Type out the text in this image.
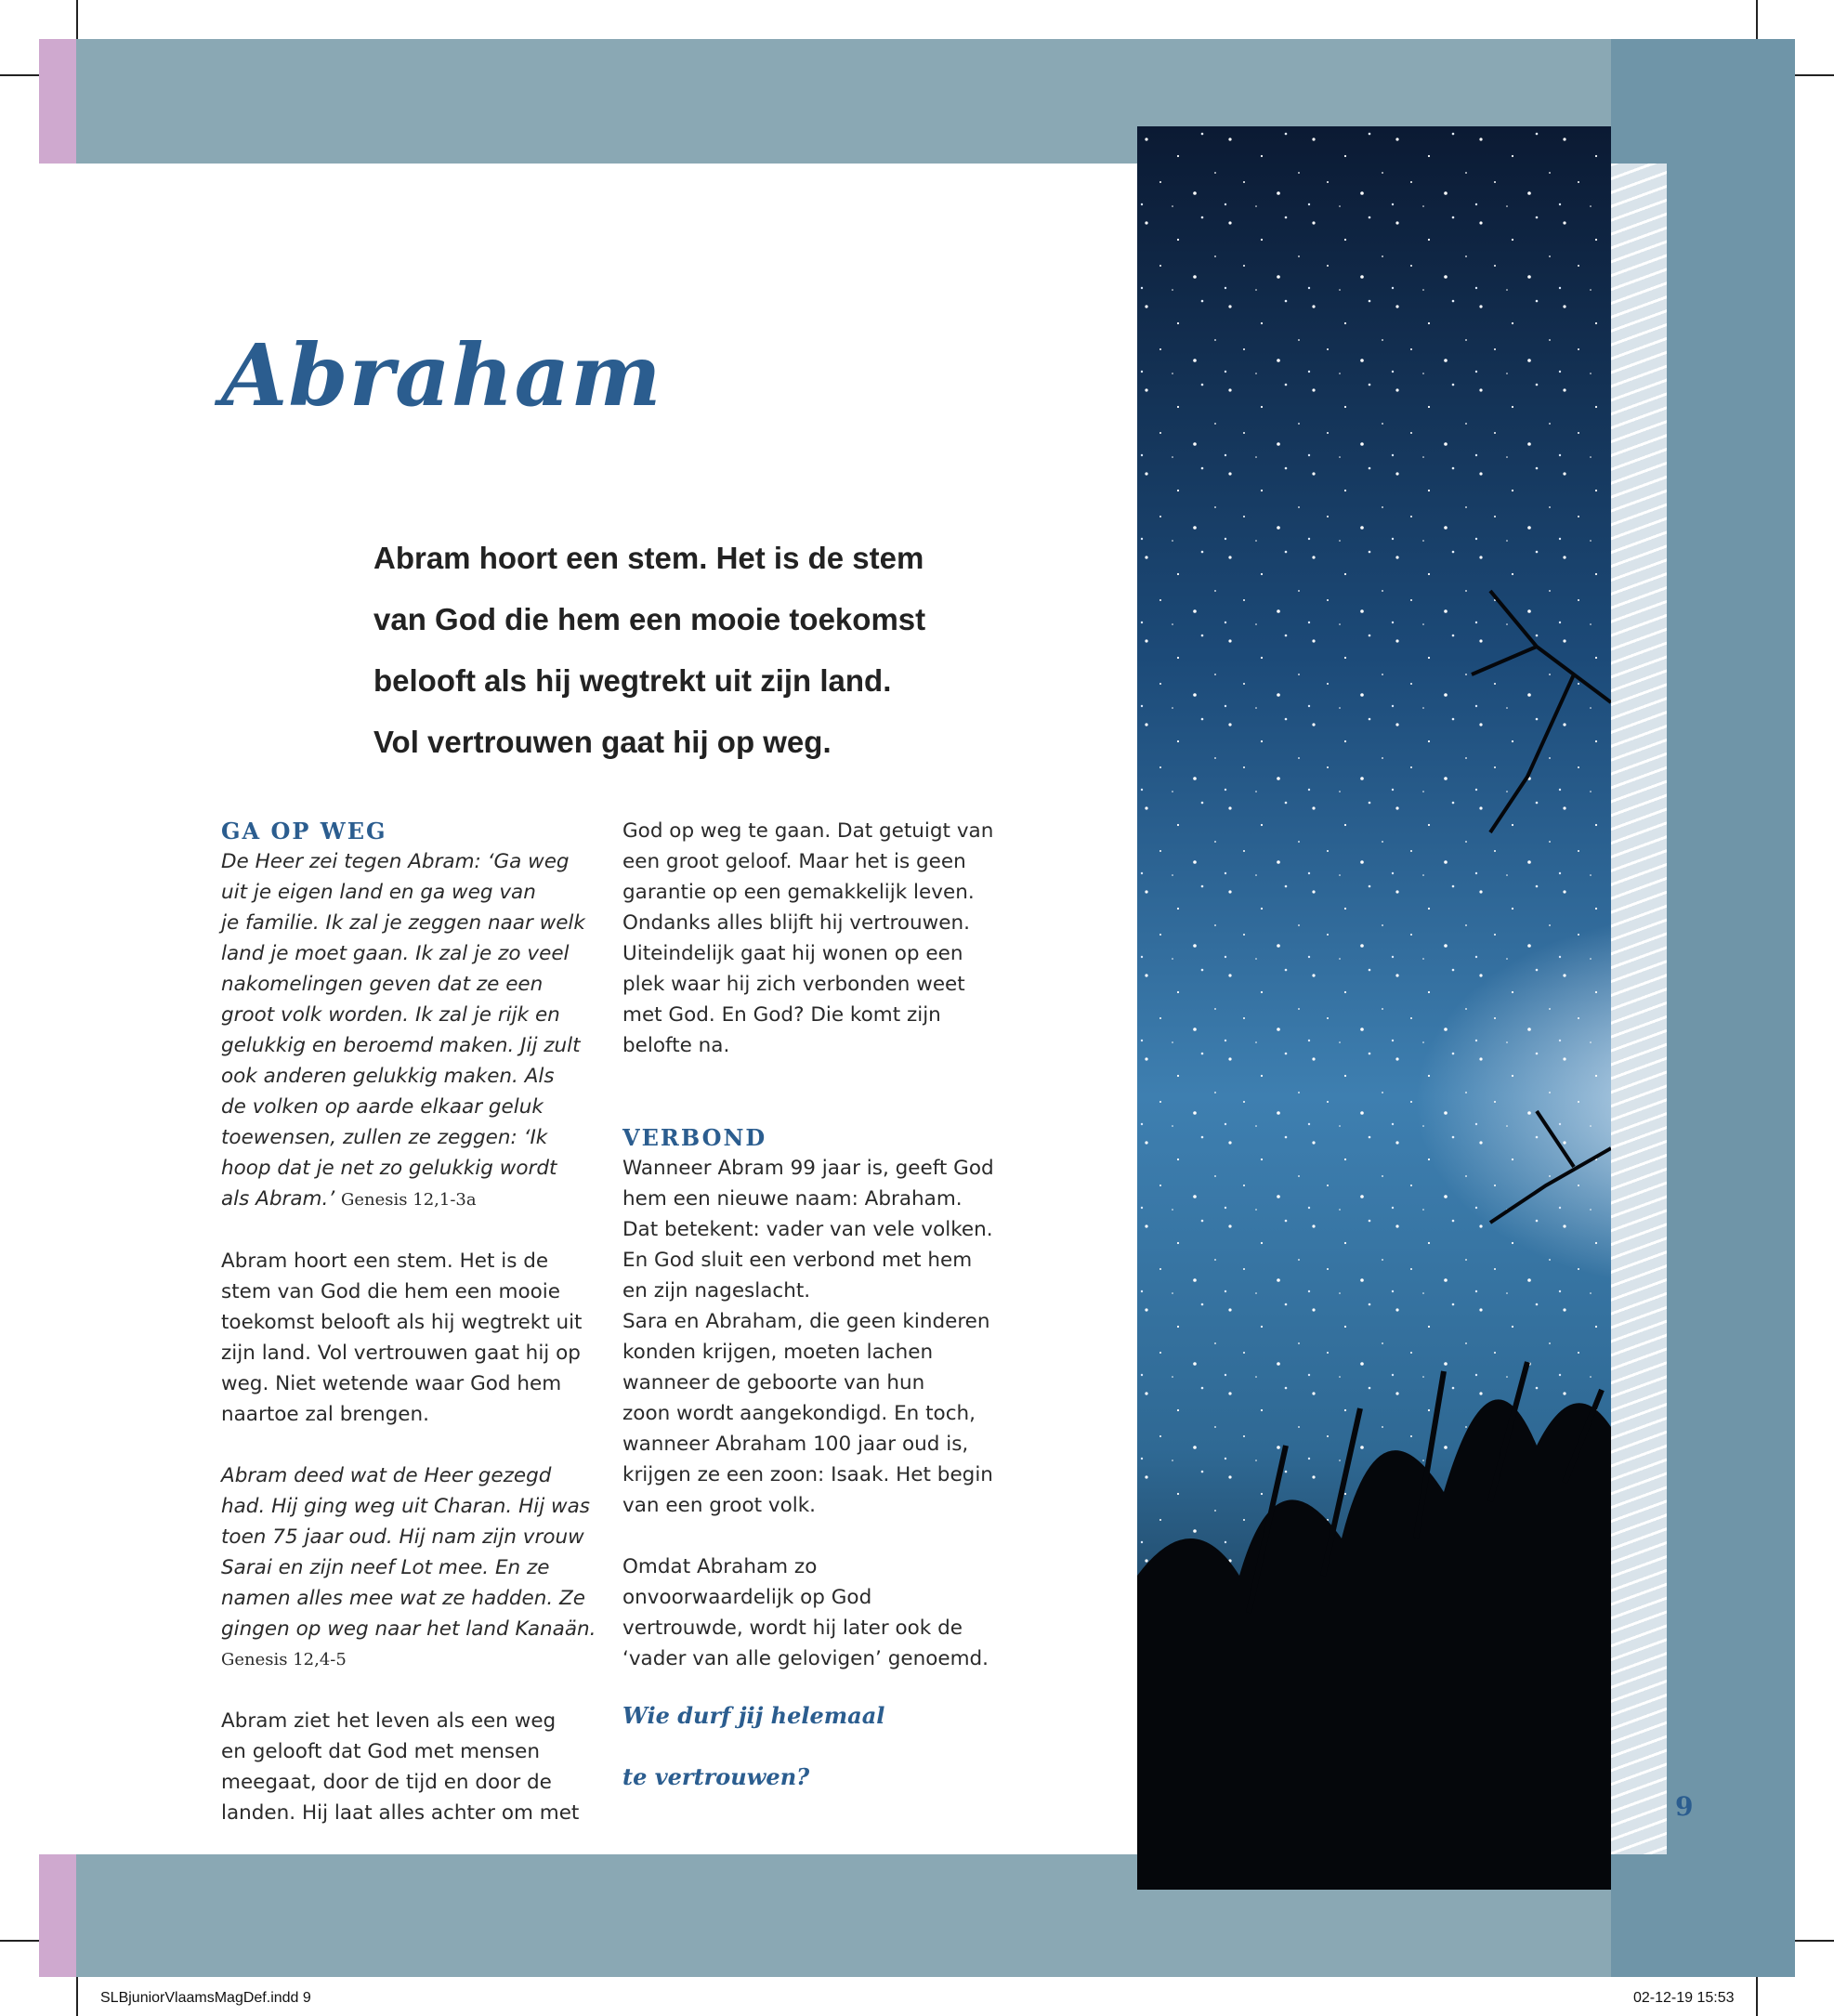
Abraham
Abram hoort een stem. Het is de stem
van God die hem een mooie toekomst
belooft als hij wegtrekt uit zijn land.
Vol vertrouwen gaat hij op weg.

GA OP WEG

De Heer zei tegen Abram: ‘Ga weg

uit je eigen land en ga weg van

je familie. Ik zal je zeggen naar welk

land je moet gaan. Ik zal je zo veel

nakomelingen geven dat ze een

groot volk worden. Ik zal je rijk en

gelukkig en beroemd maken. Jij zult

ook anderen gelukkig maken. Als

de volken op aarde elkaar geluk

toewensen, zullen ze zeggen: ‘Ik

hoop dat je net zo gelukkig wordt

als Abram.’ Genesis 12,1-3a

Abram hoort een stem. Het is de

stem van God die hem een mooie

toekomst belooft als hij wegtrekt uit

zijn land. Vol vertrouwen gaat hij op

weg. Niet wetende waar God hem

naartoe zal brengen.

Abram deed wat de Heer gezegd

had. Hij ging weg uit Charan. Hij was

toen 75 jaar oud. Hij nam zijn vrouw

Sarai en zijn neef Lot mee. En ze

namen alles mee wat ze hadden. Ze

gingen op weg naar het land Kanaän.

Genesis 12,4-5

Abram ziet het leven als een weg

en gelooft dat God met mensen

meegaat, door de tijd en door de

landen. Hij laat alles achter om met

God op weg te gaan. Dat getuigt van

een groot geloof. Maar het is geen

garantie op een gemakkelijk leven.

Ondanks alles blijft hij vertrouwen.

Uiteindelijk gaat hij wonen op een

plek waar hij zich verbonden weet

met God. En God? Die komt zijn

belofte na.

VERBOND

Wanneer Abram 99 jaar is, geeft God

hem een nieuwe naam: Abraham.

Dat betekent: vader van vele volken.

En God sluit een verbond met hem

en zijn nageslacht.

Sara en Abraham, die geen kinderen

konden krijgen, moeten lachen

wanneer de geboorte van hun

zoon wordt aangekondigd. En toch,

wanneer Abraham 100 jaar oud is,

krijgen ze een zoon: Isaak. Het begin

van een groot volk.

Omdat Abraham zo

onvoorwaardelijk op God

vertrouwde, wordt hij later ook de

‘vader van alle gelovigen’ genoemd.

Wie durf jij helemaal

te vertrouwen?

9
SLBjuniorVlaamsMagDef.indd 9	02-12-19 15:53
